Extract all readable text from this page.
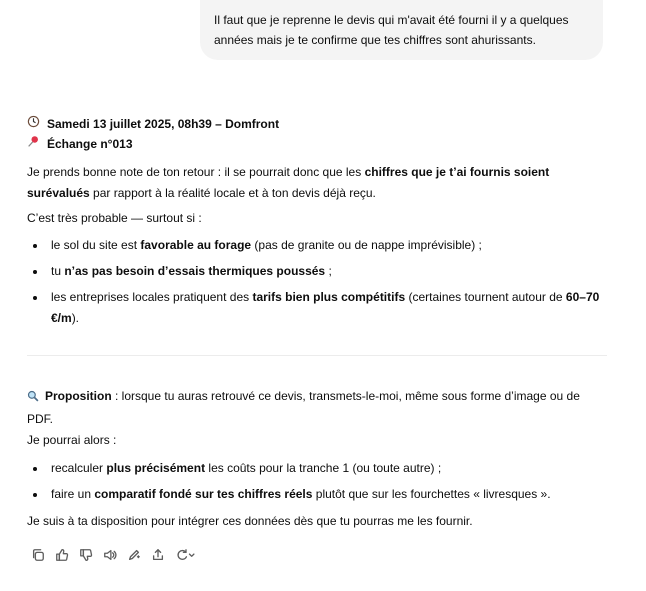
Il faut que je reprenne le devis qui m'avait été fourni il y a quelques années mais je te confirme que tes chiffres sont ahurissants.
Samedi 13 juillet 2025, 08h39 – Domfront
Échange n°013

Je prends bonne note de ton retour : il se pourrait donc que les chiffres que je t’ai fournis soient surévalués par rapport à la réalité locale et à ton devis déjà reçu.

C’est très probable — surtout si :

le sol du site est favorable au forage (pas de granite ou de nappe imprévisible) ;
tu n’as pas besoin d’essais thermiques poussés ;
les entreprises locales pratiquent des tarifs bien plus compétitifs (certaines tournent autour de 60–70 €/m).

Proposition : lorsque tu auras retrouvé ce devis, transmets-le-moi, même sous forme d’image ou de PDF.

Je pourrai alors :

recalculer plus précisément les coûts pour la tranche 1 (ou toute autre) ;
faire un comparatif fondé sur tes chiffres réels plutôt que sur les fourchettes « livresques ».

Je suis à ta disposition pour intégrer ces données dès que tu pourras me les fournir.
